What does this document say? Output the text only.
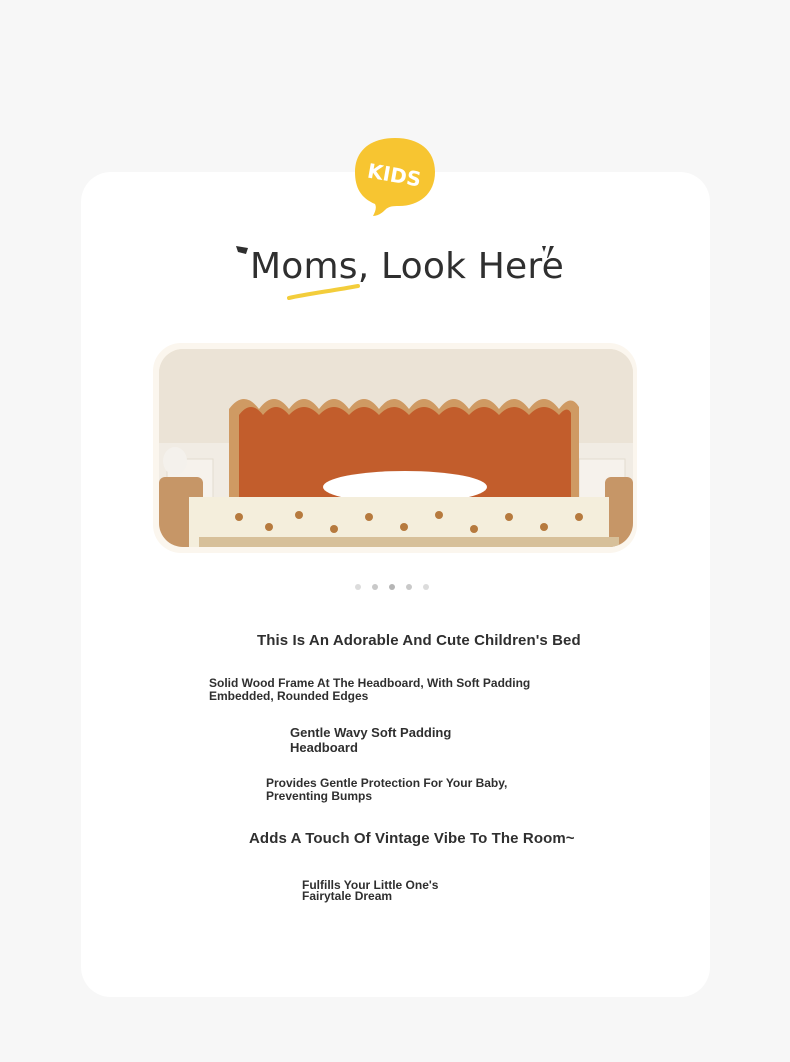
KIDS
Moms, Look Here
This Is An Adorable And Cute Children's Bed
Solid Wood Frame At The Headboard, With Soft Padding Embedded, Rounded Edges
Gentle Wavy Soft Padding Headboard
Provides Gentle Protection For Your Baby, Preventing Bumps
Adds A Touch Of Vintage Vibe To The Room~
Fulfills Your Little One's Fairytale Dream
